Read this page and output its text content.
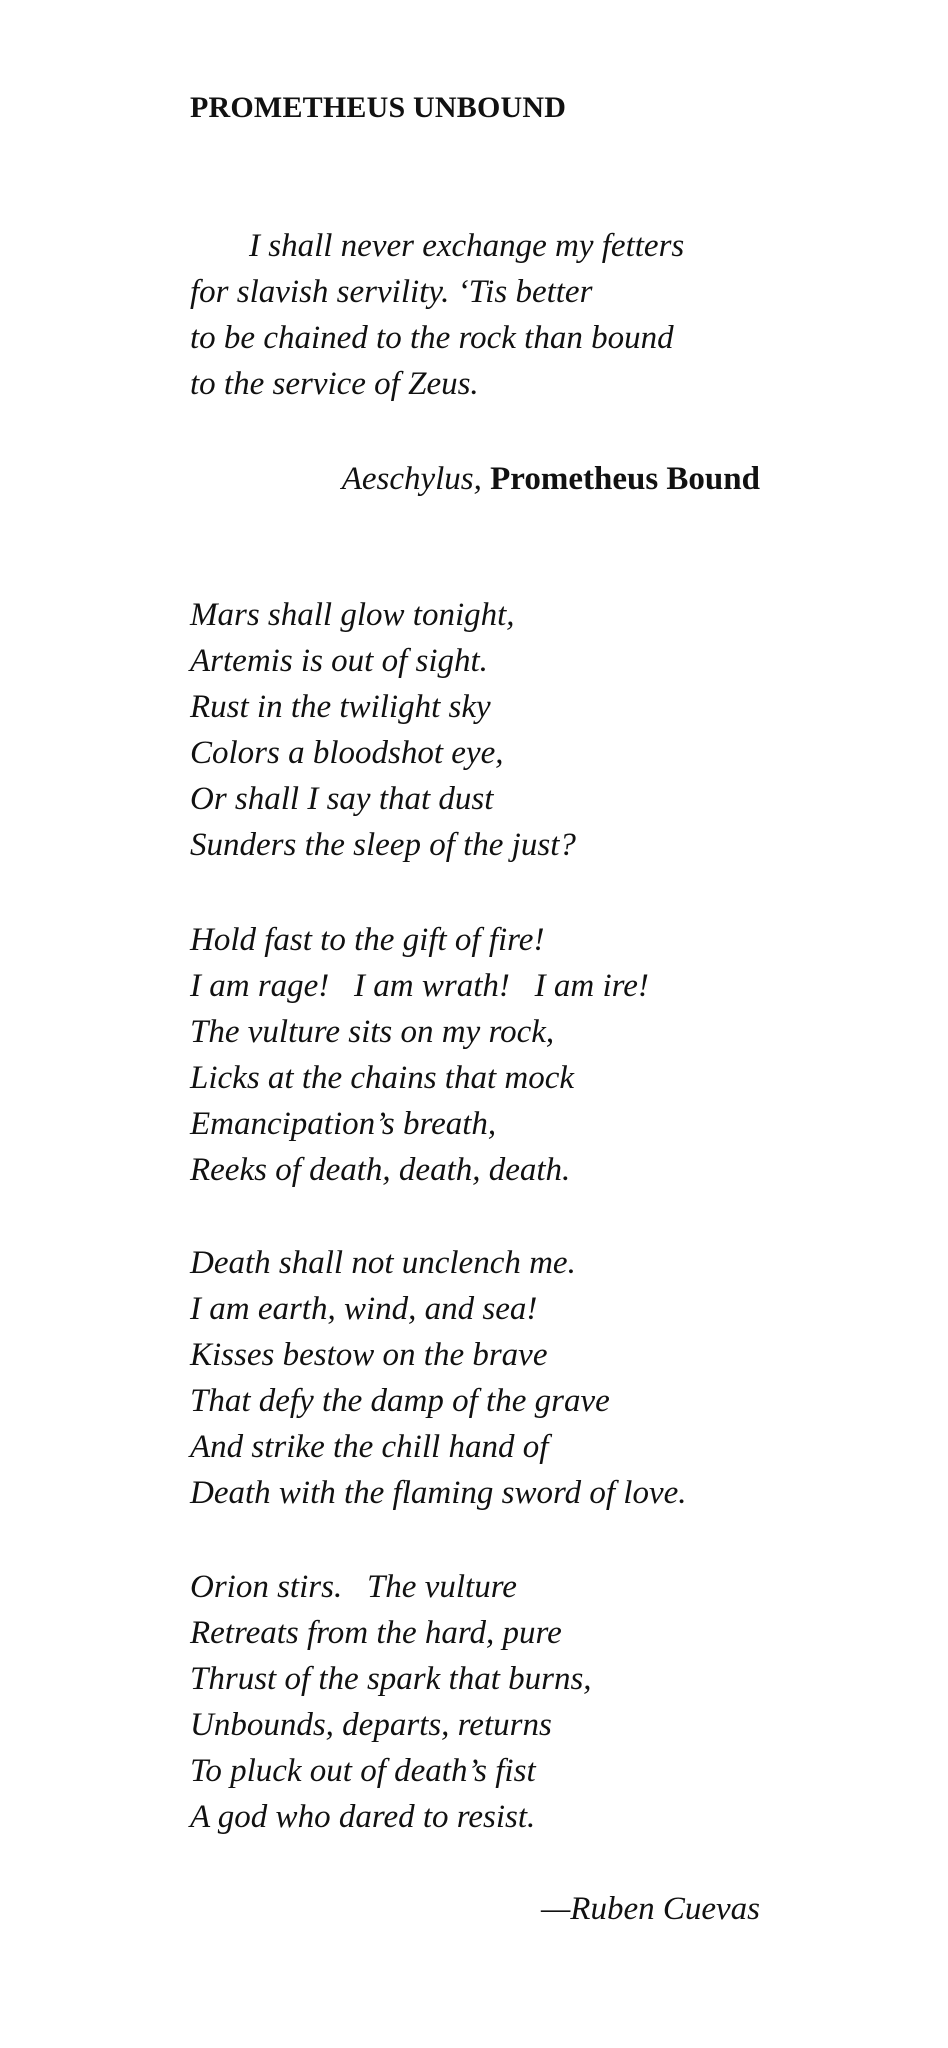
PROMETHEUS UNBOUND
I shall never exchange my fetters
for slavish servility. ‘Tis better
to be chained to the rock than bound
to the service of Zeus.
Aeschylus, Prometheus Bound
Mars shall glow tonight,
Artemis is out of sight.
Rust in the twilight sky
Colors a bloodshot eye,
Or shall I say that dust
Sunders the sleep of the just?
Hold fast to the gift of fire!
I am rage!   I am wrath!   I am ire!
The vulture sits on my rock,
Licks at the chains that mock
Emancipation’s breath,
Reeks of death, death, death.
Death shall not unclench me.
I am earth, wind, and sea!
Kisses bestow on the brave
That defy the damp of the grave
And strike the chill hand of
Death with the flaming sword of love.
Orion stirs.   The vulture
Retreats from the hard, pure
Thrust of the spark that burns,
Unbounds, departs, returns
To pluck out of death’s fist
A god who dared to resist.
—Ruben Cuevas
